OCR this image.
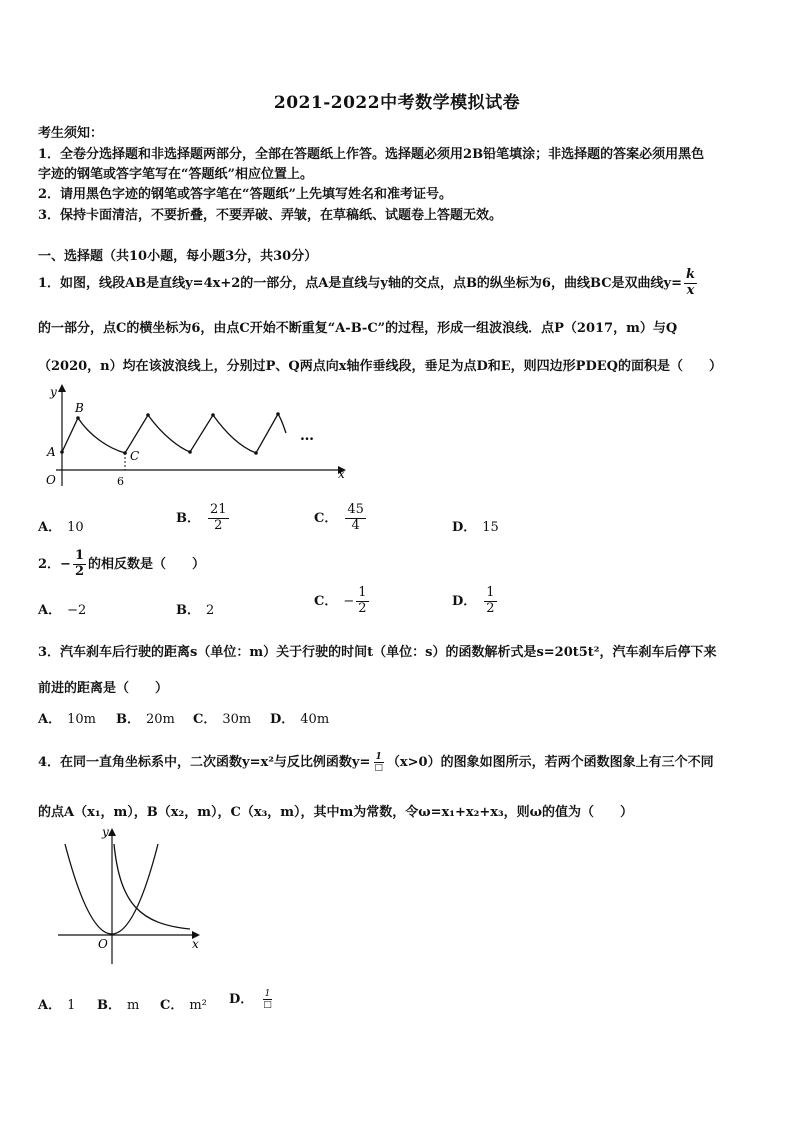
2021-2022中考数学模拟试卷
考生须知：
1．全卷分选择题和非选择题两部分，全部在答题纸上作答。选择题必须用2B铅笔填涂；非选择题的答案必须用黑色
字迹的钢笔或答字笔写在“答题纸”相应位置上。
2．请用黑色字迹的钢笔或答字笔在“答题纸”上先填写姓名和准考证号。
3．保持卡面清洁，不要折叠，不要弄破、弄皱，在草稿纸、试题卷上答题无效。
一、选择题（共10小题，每小题3分，共30分）
1．如图，线段AB是直线y=4x+2的一部分，点A是直线与y轴的交点，点B的纵坐标为6，曲线BC是双曲线$y= \frac{k}{x}$
的一部分，点C的横坐标为6，由点C开始不断重复“A-B-C”的过程，形成一组波浪线．点P（2017，m）与Q
（2020，n）均在该波浪线上，分别过P、Q两点向x轴作垂线段，垂足为点D和E，则四边形PDEQ的面积是（　　）
y
x
B
A	C
O	6
…
A． 10
B． $\frac{21}{2}$	C． $\frac{45}{4}$	D． 15
2．− $\frac{1}{2}$ 的相反数是（　　）
A． −2	B． 2
C． − $\frac{1}{2}$	D． $\frac{1}{2}$
3．汽车刹车后行驶的距离s（单位：m）关于行驶的时间t（单位：s）的函数解析式是s=20t5t²，汽车刹车后停下来
前进的距离是（　　）
A． 10m B． 20m C． 30m D． 40m
4．在同一直角坐标系中，二次函数y=x²与反比例函数$y= \frac{1}{□} (x>0)$的图象如图所示，若两个函数图象上有三个不同
的点A（x₁，m），B（x₂，m），C（x₃，m），其中m为常数，令ω=x₁+x₂+x₃，则ω的值为（　　）
y
x
O
A． 1 B． m C． m² D． $\frac{1}{□}$
